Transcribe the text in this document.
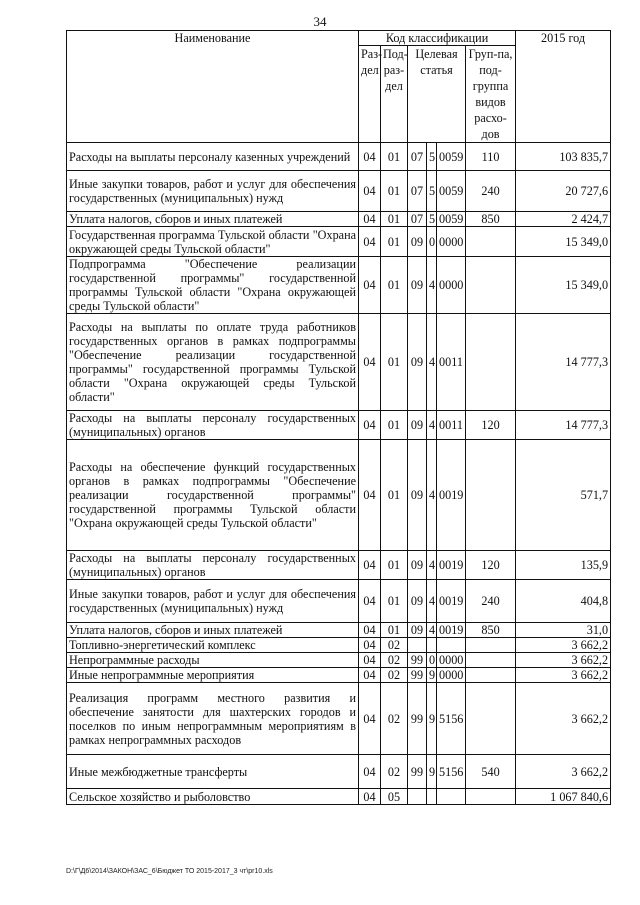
34
Наименование	Код классификации						2015 год
	Раз-дел	Под-раз-дел	Целевая статья			Груп-па, под-группа видов расхо-дов	
Расходы на выплаты персоналу казенных учреждений	04	01	07	5	0059	110	103 835,7
Иные закупки товаров, работ и услуг для обеспечения государственных (муниципальных) нужд	04	01	07	5	0059	240	20 727,6
Уплата налогов, сборов и иных платежей	04	01	07	5	0059	850	2 424,7
Государственная программа Тульской области "Охрана окружающей среды Тульской области"	04	01	09	0	0000		15 349,0
Подпрограмма "Обеспечение реализации государственной программы" государственной программы Тульской области "Охрана окружающей среды Тульской области"	04	01	09	4	0000		15 349,0
Расходы на выплаты по оплате труда работников государственных органов в рамках подпрограммы "Обеспечение реализации государственной программы" государственной программы Тульской области "Охрана окружающей среды Тульской области"	04	01	09	4	0011		14 777,3
Расходы на выплаты персоналу государственных (муниципальных) органов	04	01	09	4	0011	120	14 777,3
Расходы на обеспечение функций государственных органов в рамках подпрограммы "Обеспечение реализации государственной программы" государственной программы Тульской области "Охрана окружающей среды Тульской области"	04	01	09	4	0019		571,7
Расходы на выплаты персоналу государственных (муниципальных) органов	04	01	09	4	0019	120	135,9
Иные закупки товаров, работ и услуг для обеспечения государственных (муниципальных) нужд	04	01	09	4	0019	240	404,8
Уплата налогов, сборов и иных платежей	04	01	09	4	0019	850	31,0
Топливно-энергетический комплекс	04	02					3 662,2
Непрограммные расходы	04	02	99	0	0000		3 662,2
Иные непрограммные мероприятия	04	02	99	9	0000		3 662,2
Реализация программ местного развития и обеспечение занятости для шахтерских городов и поселков по иным непрограммным мероприятиям в рамках непрограммных расходов	04	02	99	9	5156		3 662,2
Иные межбюджетные трансферты	04	02	99	9	5156	540	3 662,2
Сельское хозяйство и рыболовство	04	05					1 067 840,6
D:\Г\Д6\2014\ЗАКОН\ЗАС_6\Бюджет ТО 2015-2017_3 чт\pr10.xls
